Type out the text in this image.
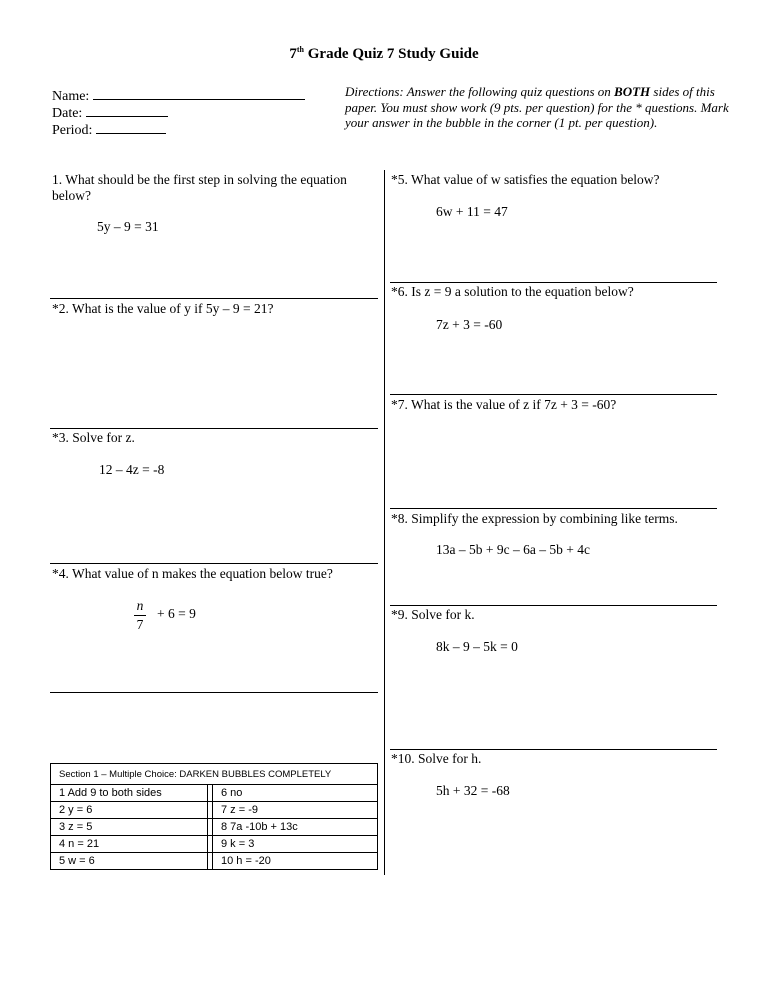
7th Grade Quiz 7 Study Guide
Name:
Date:
Period:
Directions: Answer the following quiz questions on BOTH sides of this paper. You must show work (9 pts. per question) for the * questions. Mark your answer in the bubble in the corner (1 pt. per question).
1. What should be the first step in solving the equation below?
5y – 9 = 31
*2. What is the value of y if 5y – 9 = 21?
*3. Solve for z.
12 – 4z = -8
*4. What value of n makes the equation below true?
$\frac{n}{7} + 6 = 9$
Section 1 – Multiple Choice: DARKEN BUBBLES COMPLETELY		
1 Add 9 to both sides		6 no
2 y = 6		7 z = -9
3 z = 5		8 7a -10b + 13c
4 n = 21		9 k = 3
5 w = 6		10 h = -20
*5. What value of w satisfies the equation below?
6w + 11 = 47
*6. Is z = 9 a solution to the equation below?
7z + 3 = -60
*7. What is the value of z if 7z + 3 = -60?
*8. Simplify the expression by combining like terms.
13a – 5b + 9c – 6a – 5b + 4c
*9. Solve for k.
8k – 9 – 5k = 0
*10. Solve for h.
5h + 32 = -68
